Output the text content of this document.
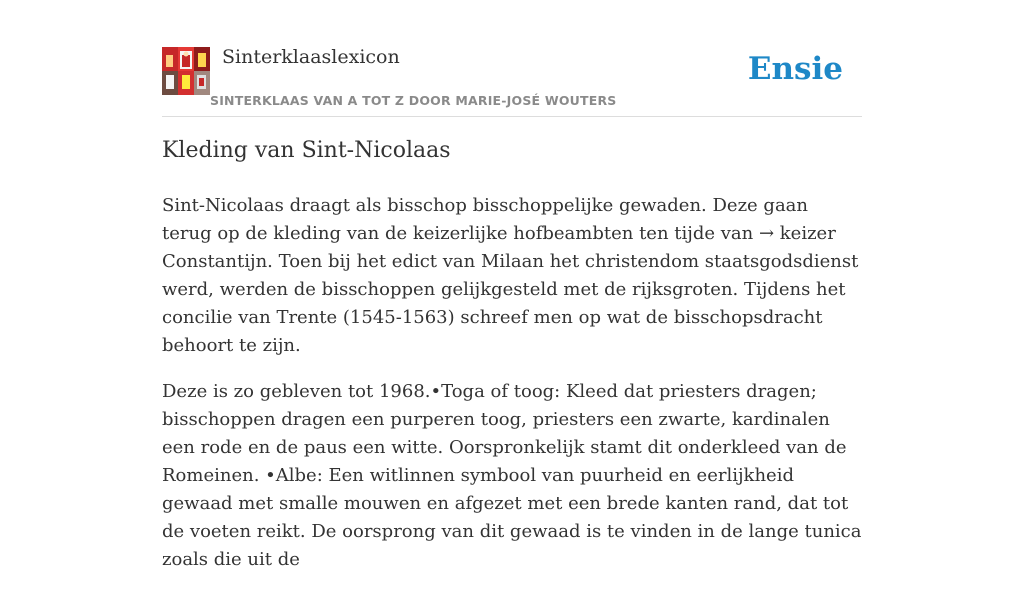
Sinterklaaslexicon
SINTERKLAAS VAN A TOT Z DOOR MARIE-JOSÉ WOUTERS
Ensie
Kleding van Sint-Nicolaas

Sint-Nicolaas draagt als bisschop bisschoppelijke gewaden. Deze gaan terug op de kleding van de keizerlijke hofbeambten ten tijde van → keizer Constantijn. Toen bij het edict van Milaan het christendom staatsgodsdienst werd, werden de bisschoppen gelijkgesteld met de rijksgroten. Tijdens het concilie van Trente (1545-1563) schreef men op wat de bisschopsdracht behoort te zijn.

Deze is zo gebleven tot 1968.•Toga of toog: Kleed dat priesters dragen; bisschoppen dragen een purperen toog, priesters een zwarte, kardinalen een rode en de paus een witte. Oorspronkelijk stamt dit onderkleed van de Romeinen. •Albe: Een witlinnen symbool van puurheid en eerlijkheid gewaad met smalle mouwen en afgezet met een brede kanten rand, dat tot de voeten reikt. De oorsprong van dit gewaad is te vinden in de lange tunica zoals die uit de
